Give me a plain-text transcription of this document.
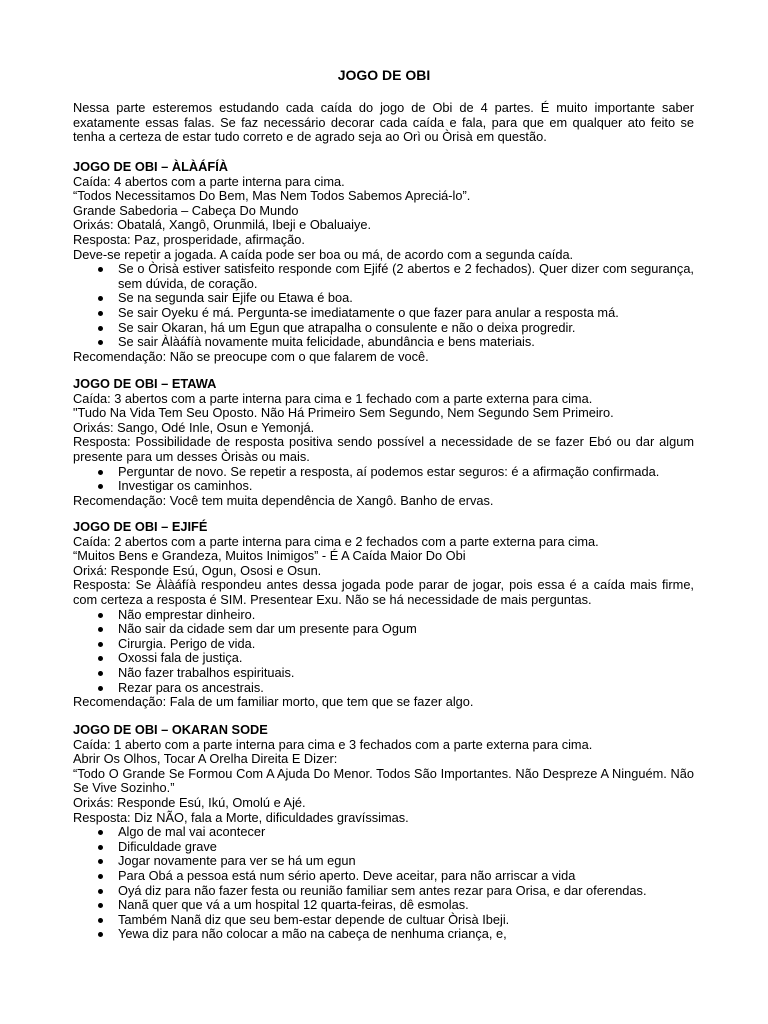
JOGO DE OBI
Nessa parte esteremos estudando cada caída do jogo de Obi de 4 partes. É muito importante saber exatamente essas falas. Se faz necessário decorar cada caída e fala, para que em qualquer ato feito se tenha a certeza de estar tudo correto e de agrado seja ao Orì ou Òrisà em questão.
JOGO DE OBI – ÀLÀÁFÍÀ
Caída: 4 abertos com a parte interna para cima.
“Todos Necessitamos Do Bem, Mas Nem Todos Sabemos Apreciá-lo”.
Grande Sabedoria – Cabeça Do Mundo
Orixás: Obatalá, Xangô, Orunmilá, Ibeji e Obaluaiye.
Resposta: Paz, prosperidade, afirmação.
Deve-se repetir a jogada. A caída pode ser boa ou má, de acordo com a segunda caída.
Se o Òrisà estiver satisfeito responde com Ejifé (2 abertos e 2 fechados). Quer dizer com segurança, sem dúvida, de coração.
Se na segunda sair Ejife ou Etawa é boa.
Se sair Oyeku é má. Pergunta-se imediatamente o que fazer para anular a resposta má.
Se sair Okaran, há um Egun que atrapalha o consulente e não o deixa progredir.
Se sair Àlàáfíà novamente muita felicidade, abundância e bens materiais.
Recomendação: Não se preocupe com o que falarem de você.
JOGO DE OBI – ETAWA
Caída: 3 abertos com a parte interna para cima e 1 fechado com a parte externa para cima.
"Tudo Na Vida Tem Seu Oposto. Não Há Primeiro Sem Segundo, Nem Segundo Sem Primeiro.
Orixás: Sango, Odé Inle, Osun e Yemonjá.
Resposta: Possibilidade de resposta positiva sendo possível a necessidade de se fazer Ebó ou dar algum presente para um desses Òrisàs ou mais.
Perguntar de novo. Se repetir a resposta, aí podemos estar seguros: é a afirmação confirmada.
Investigar os caminhos.
Recomendação: Você tem muita dependência de Xangô. Banho de ervas.
JOGO DE OBI – EJIFÉ
Caída: 2 abertos com a parte interna para cima e 2 fechados com a parte externa para cima.
“Muitos Bens e Grandeza, Muitos Inimigos” - É A Caída Maior Do Obi
Orixá: Responde Esú, Ogun, Ososi e Osun.
Resposta: Se Àlàáfíà respondeu antes dessa jogada pode parar de jogar, pois essa é a caída mais firme, com certeza a resposta é SIM. Presentear Exu. Não se há necessidade de mais perguntas.
Não emprestar dinheiro.
Não sair da cidade sem dar um presente para Ogum
Cirurgia. Perigo de vida.
Oxossi fala de justiça.
Não fazer trabalhos espirituais.
Rezar para os ancestrais.
Recomendação: Fala de um familiar morto, que tem que se fazer algo.
JOGO DE OBI – OKARAN SODE
Caída: 1 aberto com a parte interna para cima e 3 fechados com a parte externa para cima.
Abrir Os Olhos, Tocar A Orelha Direita E Dizer:
“Todo O Grande Se Formou Com A Ajuda Do Menor. Todos São Importantes. Não Despreze A Ninguém. Não Se Vive Sozinho.”
Orixás: Responde Esú, Ikú, Omolú e Ajé.
Resposta: Diz NÃO, fala a Morte, dificuldades gravíssimas.
Algo de mal vai acontecer
Dificuldade grave
Jogar novamente para ver se há um egun
Para Obá a pessoa está num sério aperto. Deve aceitar, para não arriscar a vida
Oyá diz para não fazer festa ou reunião familiar sem antes rezar para Orisa, e dar oferendas.
Nanã quer que vá a um hospital 12 quarta-feiras, dê esmolas.
Também Nanã diz que seu bem-estar depende de cultuar Òrisà Ibeji.
Yewa diz para não colocar a mão na cabeça de nenhuma criança, e,
